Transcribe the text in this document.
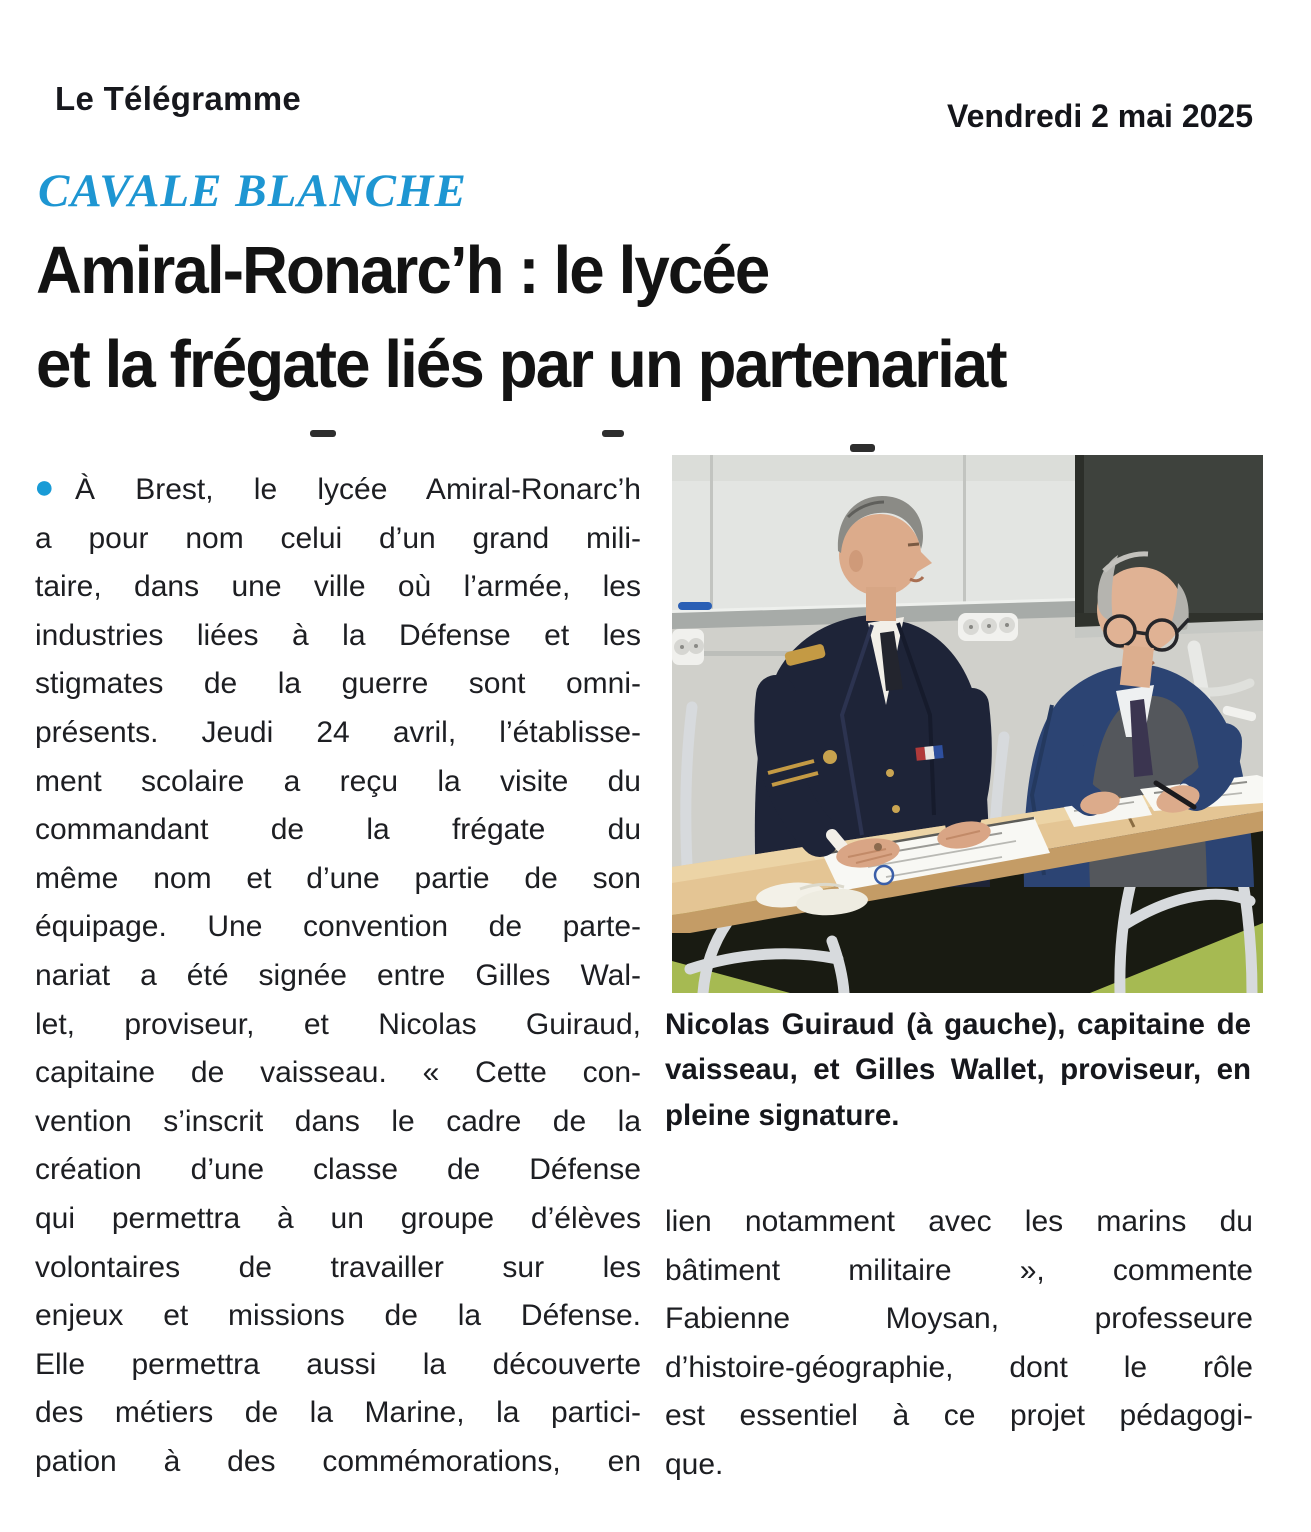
Le Télégramme	Vendredi 2 mai 2025
CAVALE BLANCHE
Amiral-Ronarc’h : le lycée
et la frégate liés par un partenariat
● À Brest, le lycée Amiral-Ronarc’h
a pour nom celui d’un grand mili-
taire, dans une ville où l’armée, les
industries liées à la Défense et les
stigmates de la guerre sont omni-
présents. Jeudi 24 avril, l’établisse-
ment scolaire a reçu la visite du
commandant de la frégate du
même nom et d’une partie de son
équipage. Une convention de parte-
nariat a été signée entre Gilles Wal-
let, proviseur, et Nicolas Guiraud,
capitaine de vaisseau. « Cette con-
vention s’inscrit dans le cadre de la
création d’une classe de Défense
qui permettra à un groupe d’élèves
volontaires de travailler sur les
enjeux et missions de la Défense.
Elle permettra aussi la découverte
des métiers de la Marine, la partici-
pation à des commémorations, en
Nicolas Guiraud (à gauche), capitaine de
vaisseau, et Gilles Wallet, proviseur, en
pleine signature.
lien notamment avec les marins du
bâtiment militaire », commente
Fabienne Moysan, professeure
d’histoire-géographie, dont le rôle
est essentiel à ce projet pédagogi-
que.
